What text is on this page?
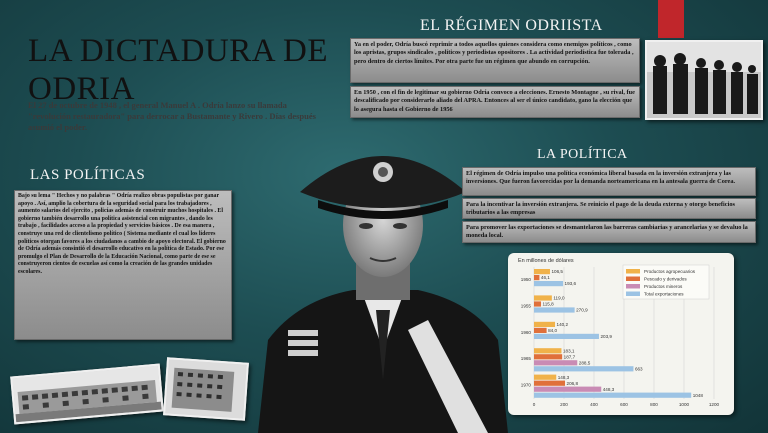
LA DICTADURA DE ODRIA
El 27 de octubre de 1948 , el general Manuel A . Odría lanzo su llamada "revolución restauradora" para derrocar a Bustamante y Rivero . Días después asumió el poder.
EL RÉGIMEN ODRIISTA
Ya en el poder, Odría buscó reprimir a todos aquellos quienes considera como enemigos políticos , como los apristas, grupos sindicales , políticos y periodistas opositores . La actividad periodística fue tolerada , pero dentro de ciertos límites. Por otra parte fue un régimen que abundo en corrupción.
En 1950 , con el fin de legitimar su gobierno Odría convoco a elecciones. Ernesto Montagne , su rival, fue descalificado por considerarlo aliado del APRA. Entonces al ser el único candidato, gano la elección que lo asegura hasta el Gobierno de 1956
LAS POLÍTICAS
Bajo su lema " Hechos y no palabras " Odría realizo obras populistas por ganar apoyo . Así, amplio la cobertura de la seguridad social para los trabajadores , aumento salarios del ejercito , policías además de construir muchos hospitales . El gobierno también desarrollo una política asistencial con migrantes , dando les trabajo , facilidades acceso a la propiedad y servicios básicos . De esa manera , construye una red de clientelismo político ( Sistema mediante el cual los líderes políticos otorgan favores a los ciudadanos a cambio de apoyo electoral. El gobierno de Odría además consintió el desarrollo educativo en la política de Estado. Por ese promulgo el Plan de Desarrollo de la Educación Nacional, como parte de ese se construyeron cientos de escuelas así como la creación de las grandes unidades escolares.
LA POLÍTICA
El régimen de Odría impulso una política económica liberal basada en la inversión extranjera y las inversiones. Que fueron favorecidas por la demanda norteamericana en la antesala guerra de Corea.
Para la incentivar la inversión extranjera. Se reinicio el pago de la deuda externa y otorgo beneficios tributarios a las empresas
Para promover las exportaciones se desmantelaron las barreras cambiarias y arancelarias y se devaluo la moneda local.
En millones de dólares
0	200	400	600	800	1000	1200
1950
106,5
46,1
193,6
1955
119,0
115,8
270,9
1960
140,2
84,0
203,9
1965
183,1
187,7
288,5
663
1970
148,3
206,8
448,3
1048
Productos agropecuarios
Pescado y derivados
Productos mineros
Total exportaciones
